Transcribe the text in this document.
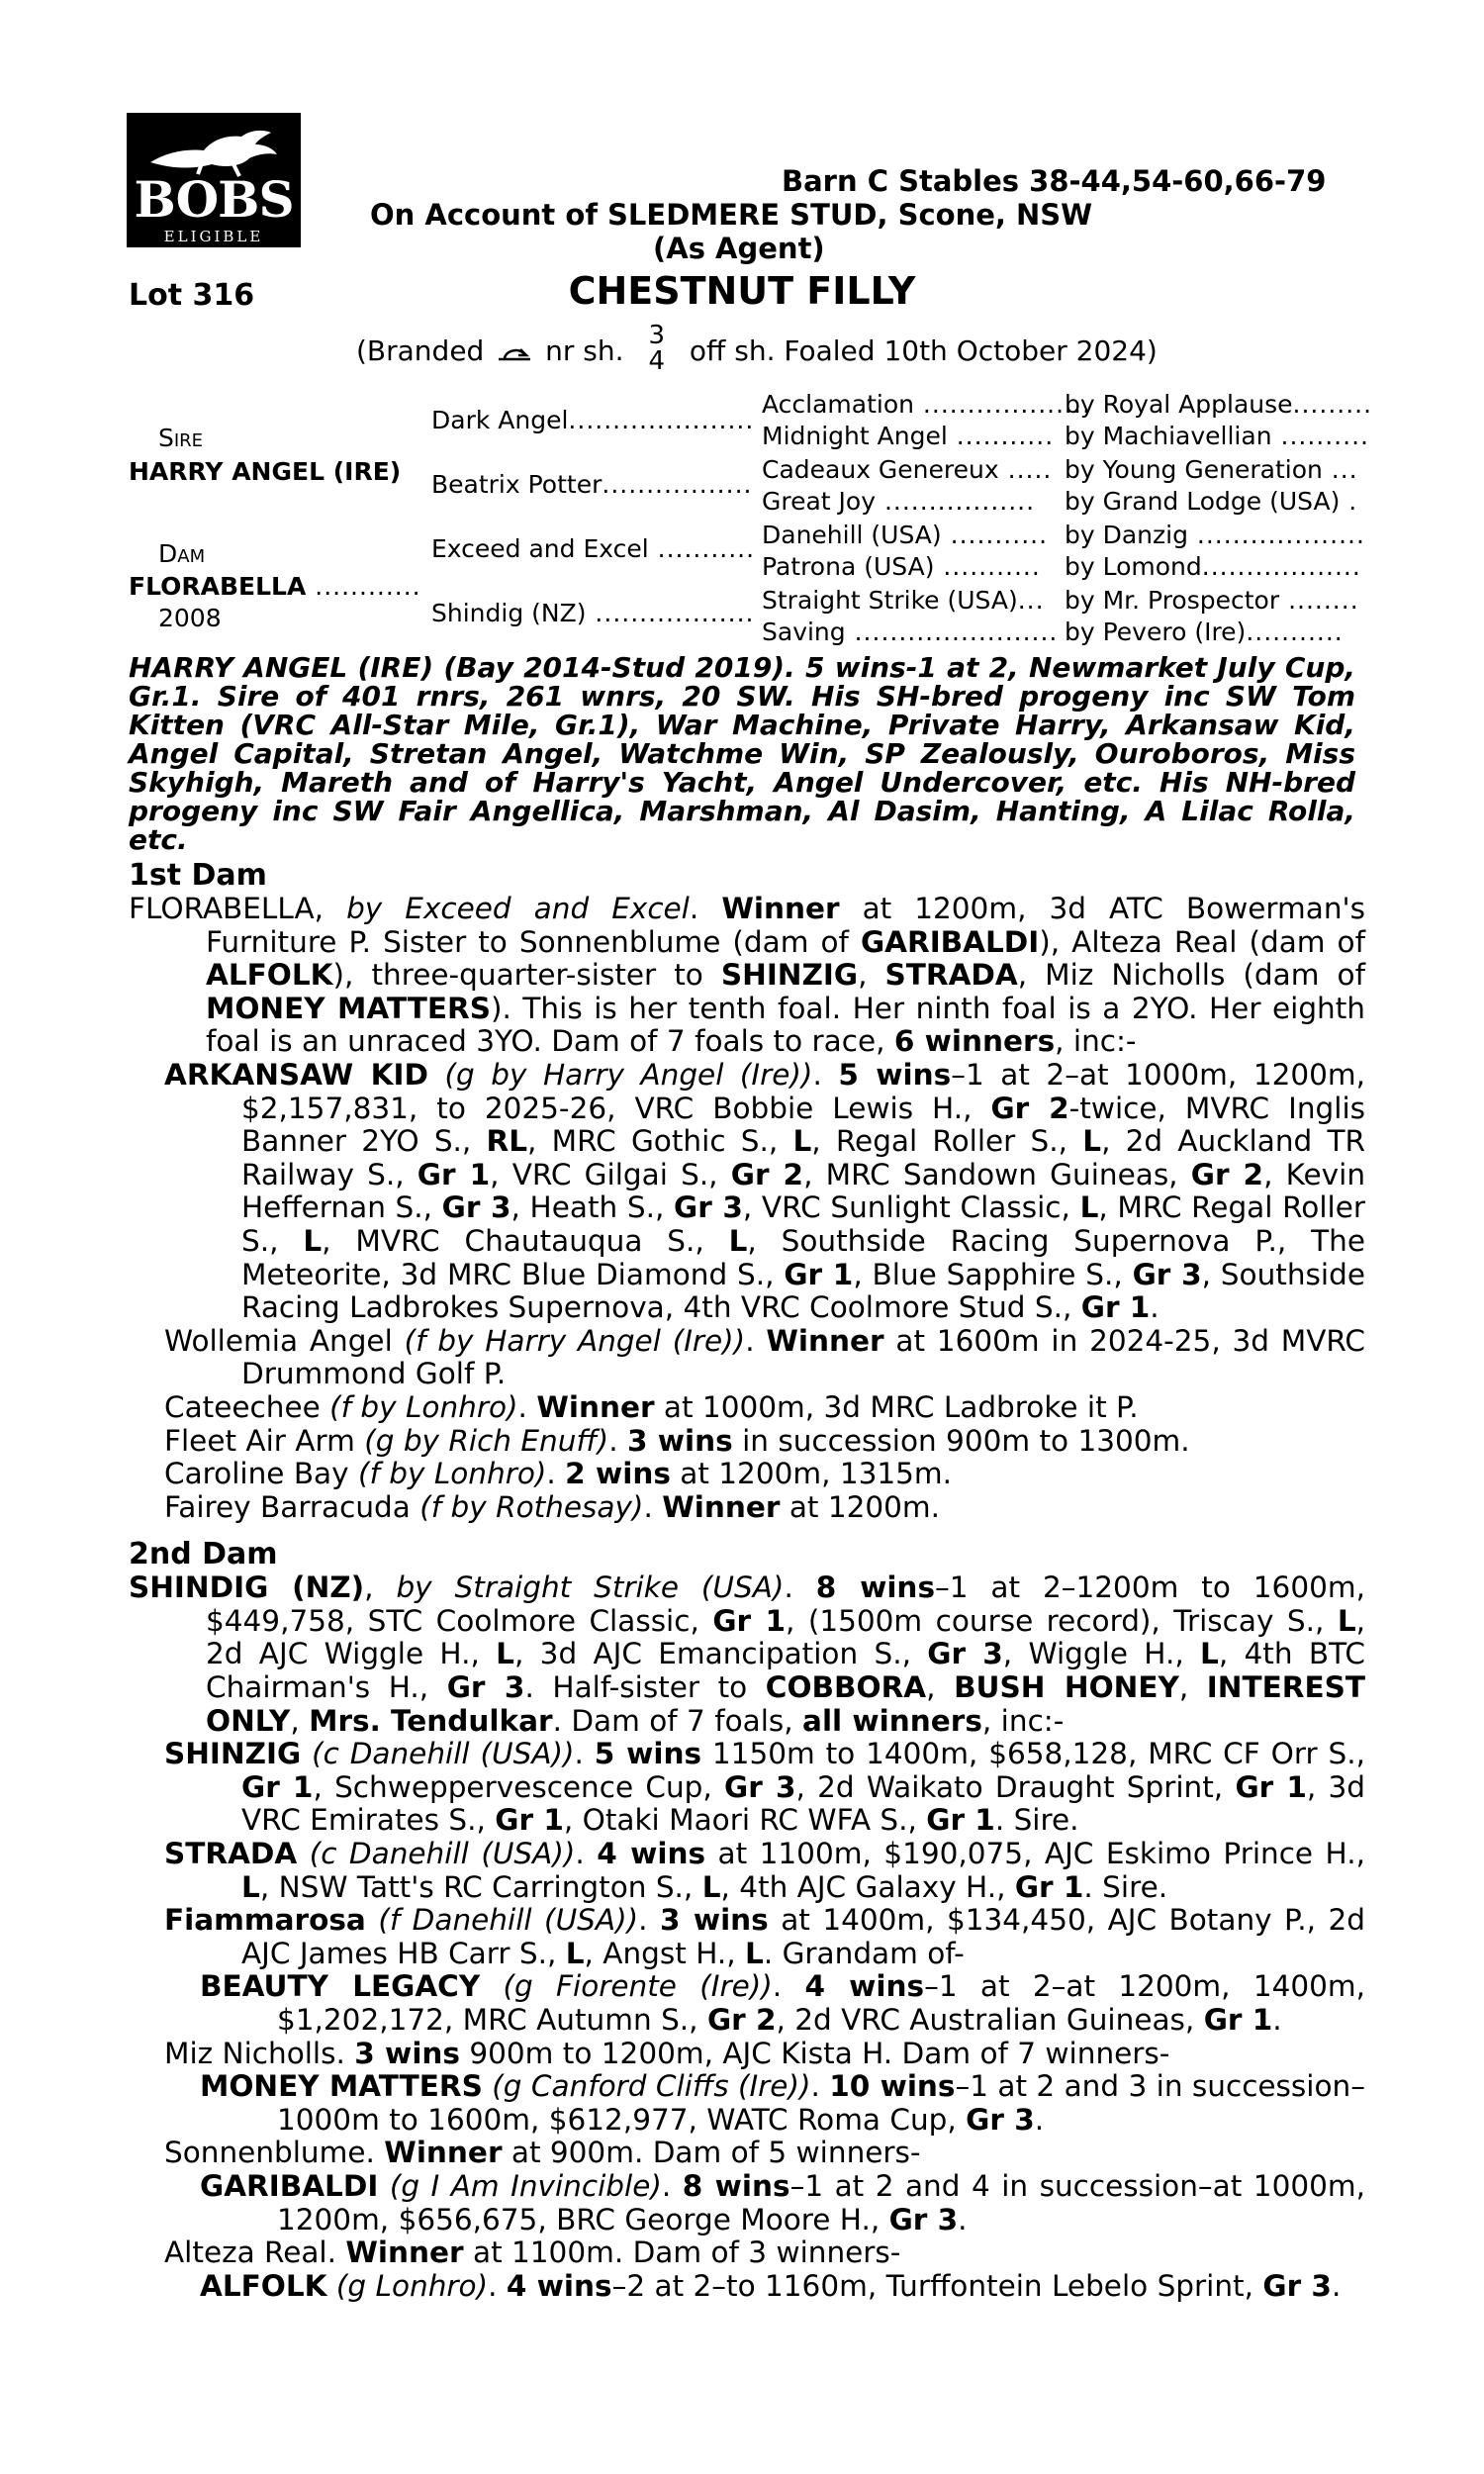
BOBS
ELIGIBLE
Barn C Stables 38-44,54-60,66-79
On Account of SLEDMERE STUD, Scone, NSW
(As Agent)
Lot 316	CHESTNUT FILLY
(Branded nr sh. 3
4 off sh. Foaled 10th October 2024)
Sire
HARRY ANGEL (IRE)
Dam
FLORABELLA ............
2008
Dark Angel.....................
Beatrix Potter.................
Exceed and Excel ...........
Shindig (NZ) ..................
Acclamation ...................
Midnight Angel ...........
Cadeaux Genereux .....
Great Joy .................
Danehill (USA) ...........
Patrona (USA) ...........
Straight Strike (USA)...
Saving .......................
by Royal Applause.........
by Machiavellian ..........
by Young Generation ...
by Grand Lodge (USA) .
by Danzig ...................
by Lomond..................
by Mr. Prospector ........
by Pevero (Ire)...........
HARRY ANGEL (IRE) (Bay 2014-Stud 2019). 5 wins-1 at 2, Newmarket July Cup, Gr.1. Sire of 401 rnrs, 261 wnrs, 20 SW. His SH-bred progeny inc SW Tom Kitten (VRC All-Star Mile, Gr.1), War Machine, Private Harry, Arkansaw Kid, Angel Capital, Stretan Angel, Watchme Win, SP Zealously, Ouroboros, Miss Skyhigh, Mareth and of Harry's Yacht, Angel Undercover, etc. His NH-bred progeny inc SW Fair Angellica, Marshman, Al Dasim, Hanting, A Lilac Rolla, etc.
1st Dam
FLORABELLA, by Exceed and Excel. Winner at 1200m, 3d ATC Bowerman's Furniture P. Sister to Sonnenblume (dam of GARIBALDI), Alteza Real (dam of ALFOLK), three-quarter-sister to SHINZIG, STRADA, Miz Nicholls (dam of MONEY MATTERS). This is her tenth foal. Her ninth foal is a 2YO. Her eighth foal is an unraced 3YO. Dam of 7 foals to race, 6 winners, inc:-
ARKANSAW KID (g by Harry Angel (Ire)). 5 wins–1 at 2–at 1000m, 1200m, $2,157,831, to 2025-26, VRC Bobbie Lewis H., Gr 2-twice, MVRC Inglis Banner 2YO S., RL, MRC Gothic S., L, Regal Roller S., L, 2d Auckland TR Railway S., Gr 1, VRC Gilgai S., Gr 2, MRC Sandown Guineas, Gr 2, Kevin Heffernan S., Gr 3, Heath S., Gr 3, VRC Sunlight Classic, L, MRC Regal Roller S., L, MVRC Chautauqua S., L, Southside Racing Supernova P., The Meteorite, 3d MRC Blue Diamond S., Gr 1, Blue Sapphire S., Gr 3, Southside Racing Ladbrokes Supernova, 4th VRC Coolmore Stud S., Gr 1.
Wollemia Angel (f by Harry Angel (Ire)). Winner at 1600m in 2024-25, 3d MVRC Drummond Golf P.
Cateechee (f by Lonhro). Winner at 1000m, 3d MRC Ladbroke it P.
Fleet Air Arm (g by Rich Enuff). 3 wins in succession 900m to 1300m.
Caroline Bay (f by Lonhro). 2 wins at 1200m, 1315m.
Fairey Barracuda (f by Rothesay). Winner at 1200m.
2nd Dam
SHINDIG (NZ), by Straight Strike (USA). 8 wins–1 at 2–1200m to 1600m, $449,758, STC Coolmore Classic, Gr 1, (1500m course record), Triscay S., L, 2d AJC Wiggle H., L, 3d AJC Emancipation S., Gr 3, Wiggle H., L, 4th BTC Chairman's H., Gr 3. Half-sister to COBBORA, BUSH HONEY, INTEREST ONLY, Mrs. Tendulkar. Dam of 7 foals, all winners, inc:-
SHINZIG (c Danehill (USA)). 5 wins 1150m to 1400m, $658,128, MRC CF Orr S., Gr 1, Schweppervescence Cup, Gr 3, 2d Waikato Draught Sprint, Gr 1, 3d VRC Emirates S., Gr 1, Otaki Maori RC WFA S., Gr 1. Sire.
STRADA (c Danehill (USA)). 4 wins at 1100m, $190,075, AJC Eskimo Prince H., L, NSW Tatt's RC Carrington S., L, 4th AJC Galaxy H., Gr 1. Sire.
Fiammarosa (f Danehill (USA)). 3 wins at 1400m, $134,450, AJC Botany P., 2d AJC James HB Carr S., L, Angst H., L. Grandam of-
BEAUTY LEGACY (g Fiorente (Ire)). 4 wins–1 at 2–at 1200m, 1400m, $1,202,172, MRC Autumn S., Gr 2, 2d VRC Australian Guineas, Gr 1.
Miz Nicholls. 3 wins 900m to 1200m, AJC Kista H. Dam of 7 winners-
MONEY MATTERS (g Canford Cliffs (Ire)). 10 wins–1 at 2 and 3 in succession–1000m to 1600m, $612,977, WATC Roma Cup, Gr 3.
Sonnenblume. Winner at 900m. Dam of 5 winners-
GARIBALDI (g I Am Invincible). 8 wins–1 at 2 and 4 in succession–at 1000m, 1200m, $656,675, BRC George Moore H., Gr 3.
Alteza Real. Winner at 1100m. Dam of 3 winners-
ALFOLK (g Lonhro). 4 wins–2 at 2–to 1160m, Turffontein Lebelo Sprint, Gr 3.
